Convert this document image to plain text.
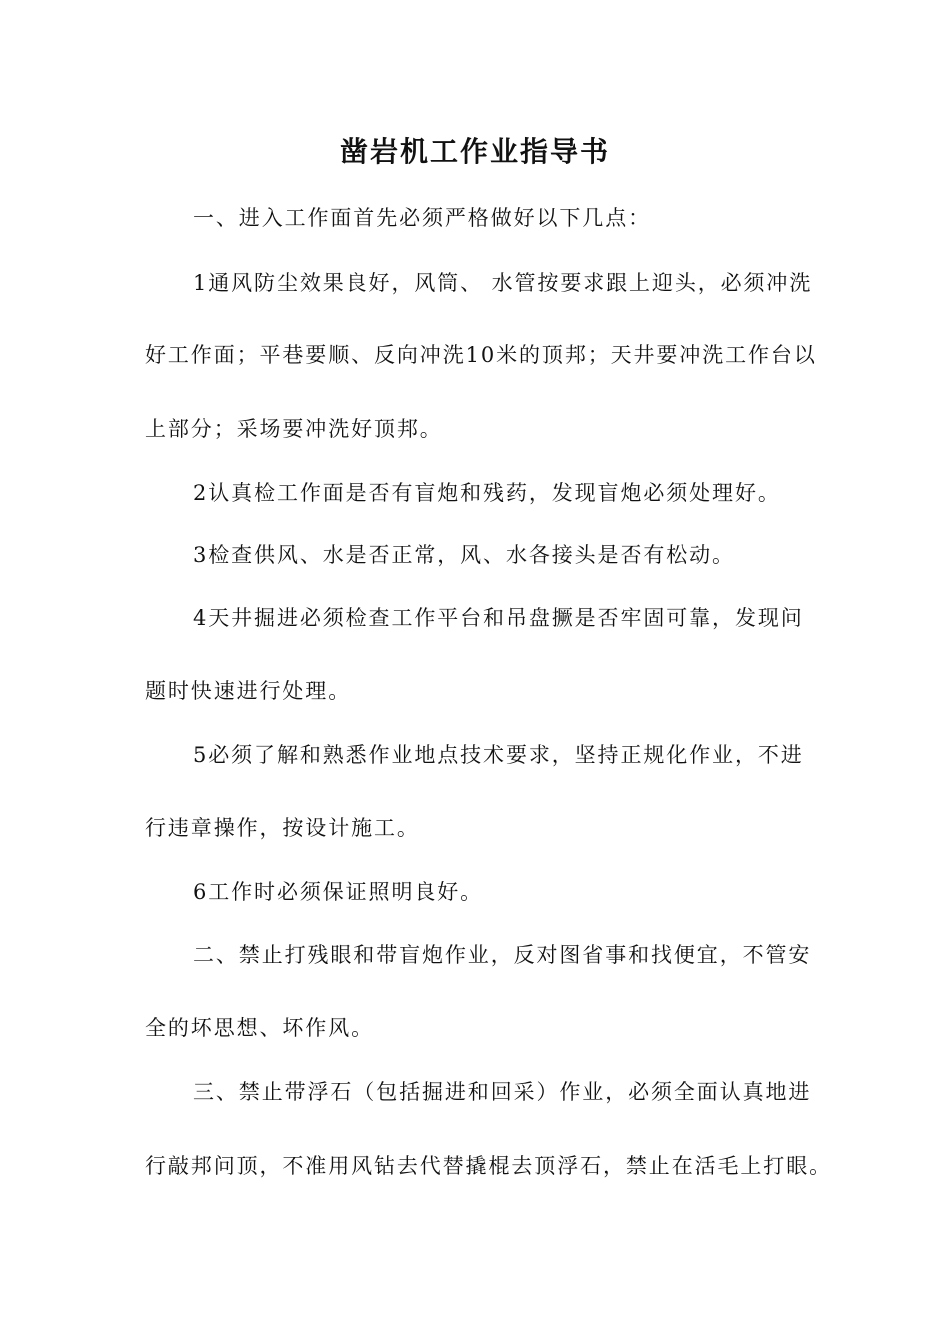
凿岩机工作业指导书
一、进入工作面首先必须严格做好以下几点：
1通风防尘效果良好，风筒、 水管按要求跟上迎头，必须冲洗
好工作面；平巷要顺、反向冲洗10米的顶邦；天井要冲洗工作台以
上部分；采场要冲洗好顶邦。
2认真检工作面是否有盲炮和残药，发现盲炮必须处理好。
3检查供风、水是否正常，风、水各接头是否有松动。
4天井掘进必须检查工作平台和吊盘撅是否牢固可靠，发现问
题时快速进行处理。
5必须了解和熟悉作业地点技术要求，坚持正规化作业，不进
行违章操作，按设计施工。
6工作时必须保证照明良好。
二、禁止打残眼和带盲炮作业，反对图省事和找便宜，不管安
全的坏思想、坏作风。
三、禁止带浮石（包括掘进和回采）作业，必须全面认真地进
行敲邦问顶，不准用风钻去代替撬棍去顶浮石，禁止在活毛上打眼。
